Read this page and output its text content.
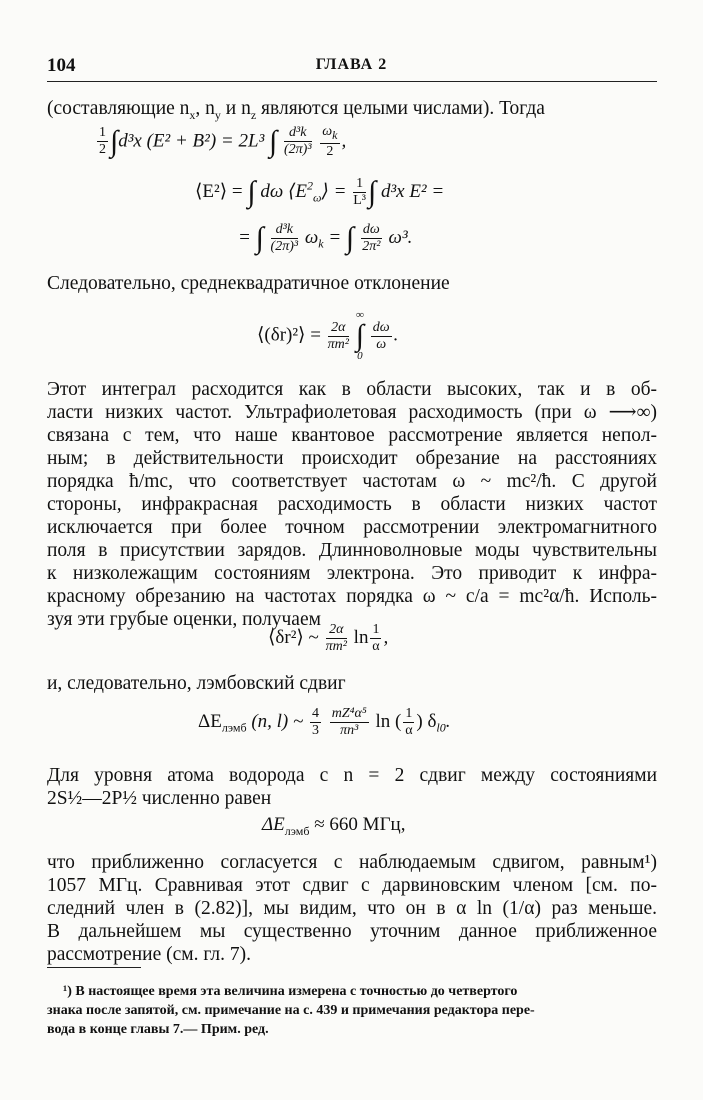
104	ГЛАВА 2
(составляющие $n_x$, $n_y$ и $n_z$ являются целыми числами). Тогда
$\frac{1}{2} \int d^3x$ (E² + B²) = 2L³ ∫ $\frac{\text{d³k}}{\text{(2π)³}}$
$\frac{\omega_k}{2}$ ,
⟨E²⟩ = ∫ dω $⟨E^2_\omega⟩ = \frac{1}{\text{L³}}$ ∫ d³x E² =
= ∫ $\frac{\text{d³k}}{\text{(2π)³}} \omega_k$ = ∫ $\frac{d\omega}{\text{2π²}} \omega^3$.
Следовательно, среднеквадратичное отклонение
⟨(δr)²⟩ = $\frac{2\alpha}{\text{πm²}}$
∞
∫
0
$\frac{d\omega}{\omega}$ .
Этот интеграл расходится как в области высоких, так и в об-
ласти низких частот. Ультрафиолетовая расходимость (при ω ⟶∞)
связана с тем, что наше квантовое рассмотрение является непол-
ным; в действительности происходит обрезание на расстояниях
порядка ħ/mc, что соответствует частотам ω ~ mc²/ħ. С другой
стороны, инфракрасная расходимость в области низких частот
исключается при более точном рассмотрении электромагнитного
поля в присутствии зарядов. Длинноволновые моды чувствительны
к низколежащим состояниям электрона. Это приводит к инфра-
красному обрезанию на частотах порядка ω ~ c/a = mc²α/ħ. Исполь-
зуя эти грубые оценки, получаем
⟨δr²⟩ ~ $\frac{2\alpha}{\text{πm²}}$ $\ln \frac{1}{\alpha}$ ,
и, следовательно, лэмбовский сдвиг
$\Delta E_{лэмб}$ (n, l) ~ $\frac{4}{3}$
$\frac{\text{mZ⁴α⁵}}{\text{πn³}}$ ln ( $\frac{1}{\alpha}$ ) $\delta_{l0}$.
Для уровня атома водорода с n = 2 сдвиг между состояниями
2S½—2P½ численно равен
$\Delta E_{лэмб} \approx 660$ МГц,
что приближенно согласуется с наблюдаемым сдвигом, равным¹)
1057 МГц. Сравнивая этот сдвиг с дарвиновским членом [см. по-
следний член в (2.82)], мы видим, что он в α ln (1/α) раз меньше.
В дальнейшем мы существенно уточним данное приближенное
рассмотрение (см. гл. 7).
¹) В настоящее время эта величина измерена с точностью до четвертого
знака после запятой, см. примечание на с. 439 и примечания редактора пере-
вода в конце главы 7.— Прим. ред.
